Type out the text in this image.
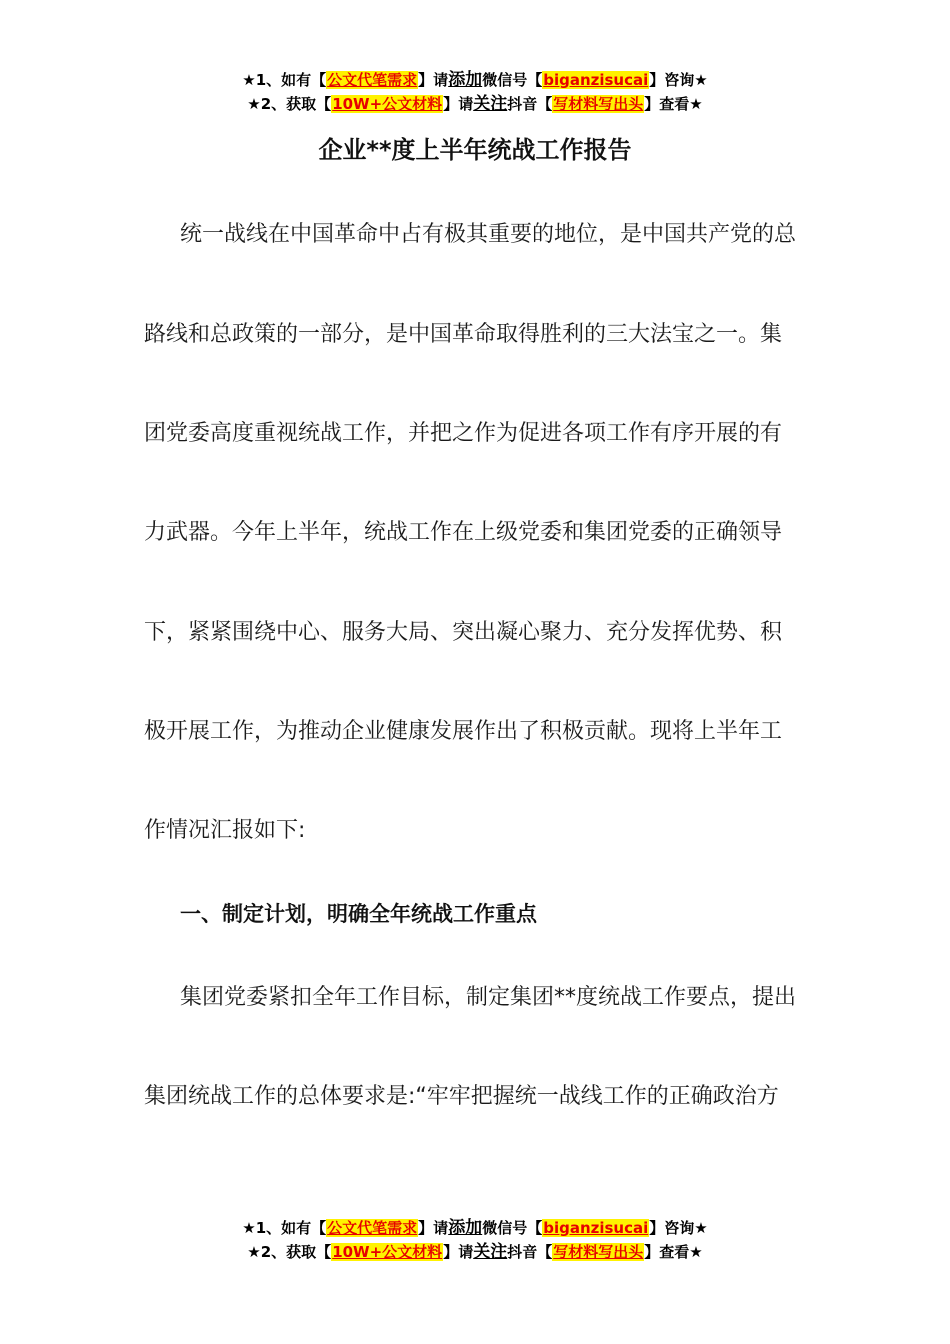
★1、如有【公文代笔需求】请添加微信号【biganzisucai】咨询★
★2、获取【10W+公文材料】请关注抖音【写材料写出头】查看★
企业**度上半年统战工作报告
统一战线在中国革命中占有极其重要的地位，是中国共产党的总
路线和总政策的一部分，是中国革命取得胜利的三大法宝之一。集
团党委高度重视统战工作，并把之作为促进各项工作有序开展的有
力武器。今年上半年，统战工作在上级党委和集团党委的正确领导
下，紧紧围绕中心、服务大局、突出凝心聚力、充分发挥优势、积
极开展工作，为推动企业健康发展作出了积极贡献。现将上半年工
作情况汇报如下:
一、制定计划，明确全年统战工作重点
集团党委紧扣全年工作目标，制定集团**度统战工作要点，提出
集团统战工作的总体要求是:“牢牢把握统一战线工作的正确政治方
★1、如有【公文代笔需求】请添加微信号【biganzisucai】咨询★
★2、获取【10W+公文材料】请关注抖音【写材料写出头】查看★
